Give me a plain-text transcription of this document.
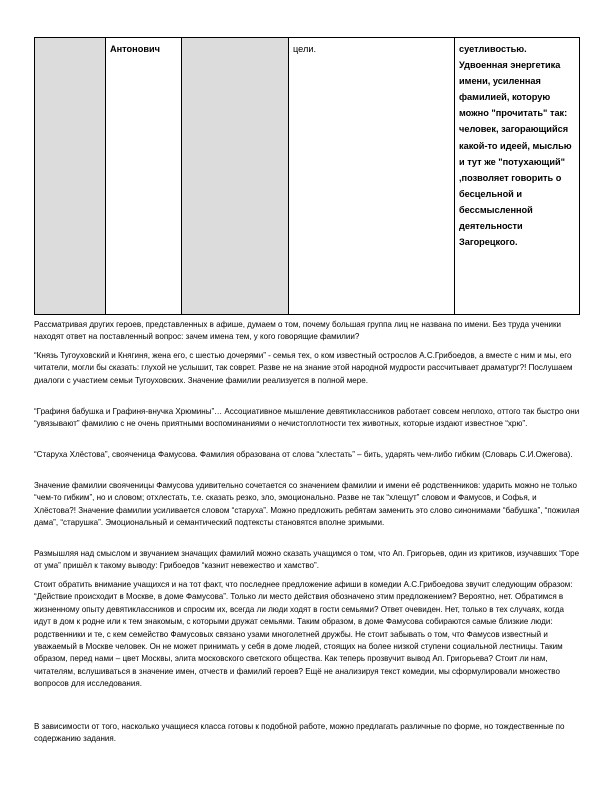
	Антонович		цели.	суетливостью. Удвоенная энергетика имени, усиленная фамилией, которую можно "прочитать" так: человек, загорающийся какой-то идеей, мыслью и тут же "потухающий" ,позволяет говорить о бесцельной и бессмысленной деятельности Загорецкого.

Рассматривая других героев, представленных в афише, думаем о том, почему большая группа лиц не названа по имени. Без труда ученики находят ответ на поставленный вопрос: зачем имена тем, у кого говорящие фамилии?

“Князь Тугоуховский и Княгиня, жена его, с шестью дочерями” - семья тех, о ком известный остроcлов А.С.Грибоедов, а вместе с ним и мы, его читатели, могли бы сказать: глухой не услышит, так соврет. Разве не на знание этой народной мудрости рассчитывает драматург?! Послушаем диалоги с участием семьи Тугоуховских. Значение фамилии реализуется в полной мере.

“Графиня бабушка и Графиня-внучка Хрюмины”… Ассоциативное мышление девятиклассников работает совсем неплохо, оттого так быстро они “увязывают” фамилию с не очень приятными воспоминаниями о нечистоплотности тех животных, которые издают известное “хрю”.

“Старуха Хлёстова”, свояченица Фамусова. Фамилия образована от слова “хлестать” – бить, ударять чем-либо гибким (Словарь С.И.Ожегова).

Значение фамилии свояченицы Фамусова удивительно сочетается со значением фамилии и имени её родственников: ударить можно не только “чем-то гибким”, но и словом; отхлестать, т.е. сказать резко, зло, эмоционально. Разве не так “хлещут” словом и Фамусов, и Софья, и Хлёстова?! Значение фамилии усиливается словом “старуха”. Можно предложить ребятам заменить это слово синонимами “бабушка”, “пожилая дама”, “старушка”. Эмоциональный и семантический подтексты становятся вполне зримыми.

Размышляя над смыслом и звучанием значащих фамилий можно сказать учащимся о том, что Ап. Григорьев, один из критиков, изучавших “Горе от ума” пришёл к такому выводу: Грибоедов “казнит невежество и хамство”.

Стоит обратить внимание учащихся и на тот факт, что последнее предложение афиши в комедии А.С.Грибоедова звучит следующим образом: “Действие происходит в Москве, в доме Фамусова”. Только ли место действия обозначено этим предложением? Вероятно, нет. Обратимся в жизненному опыту девятиклассников и спросим их, всегда ли люди ходят в гости семьями? Ответ очевиден. Нет, только в тех случаях, когда идут в дом к родне или к тем знакомым, с которыми дружат семьями. Таким образом, в доме Фамусова собираются самые близкие люди: родственники и те, с кем семейство Фамусовых связано узами многолетней дружбы. Не стоит забывать о том, что Фамусов известный и уважаемый в Москве человек. Он не может принимать у себя в доме людей, стоящих на более низкой ступени социальной лестницы. Таким образом, перед нами – цвет Москвы, элита московского светского общества. Как теперь прозвучит вывод Ап. Григорьева? Стоит ли нам, читателям, вслушиваться в значение имен, отчеств и фамилий героев? Ещё не анализируя текст комедии, мы сформулировали множество вопросов для исследования.

В зависимости от того, насколько учащиеся класса готовы к подобной работе, можно предлагать различные по форме, но тождественные по содержанию задания.
